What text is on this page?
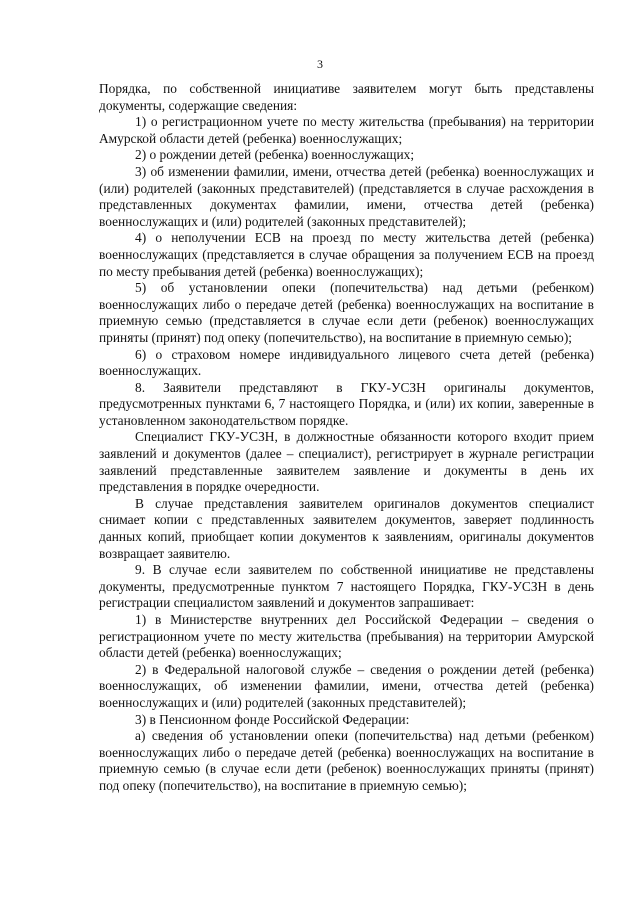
3

Порядка, по собственной инициативе заявителем могут быть представлены документы, содержащие сведения:

1) о регистрационном учете по месту жительства (пребывания) на территории Амурской области детей (ребенка) военнослужащих;

2) о рождении детей (ребенка) военнослужащих;

3) об изменении фамилии, имени, отчества детей (ребенка) военнослужащих и (или) родителей (законных представителей) (представляется в случае расхождения в представленных документах фамилии, имени, отчества детей (ребенка) военнослужащих и (или) родителей (законных представителей);

4) о неполучении ЕСВ на проезд по месту жительства детей (ребенка) военнослужащих (представляется в случае обращения за получением ЕСВ на проезд по месту пребывания детей (ребенка) военнослужащих);

5) об установлении опеки (попечительства) над детьми (ребенком) военнослужащих либо о передаче детей (ребенка) военнослужащих на воспитание в приемную семью (представляется в случае если дети (ребенок) военнослужащих приняты (принят) под опеку (попечительство), на воспитание в приемную семью);

6) о страховом номере индивидуального лицевого счета детей (ребенка) военнослужащих.

8. Заявители представляют в ГКУ-УСЗН оригиналы документов, предусмотренных пунктами 6, 7 настоящего Порядка, и (или) их копии, заверенные в установленном законодательством порядке.

Специалист ГКУ-УСЗН, в должностные обязанности которого входит прием заявлений и документов (далее – специалист), регистрирует в журнале регистрации заявлений представленные заявителем заявление и документы в день их представления в порядке очередности.

В случае представления заявителем оригиналов документов специалист снимает копии с представленных заявителем документов, заверяет подлинность данных копий, приобщает копии документов к заявлениям, оригиналы документов возвращает заявителю.

9. В случае если заявителем по собственной инициативе не представлены документы, предусмотренные пунктом 7 настоящего Порядка, ГКУ-УСЗН в день регистрации специалистом заявлений и документов запрашивает:

1) в Министерстве внутренних дел Российской Федерации – сведения о регистрационном учете по месту жительства (пребывания) на территории Амурской области детей (ребенка) военнослужащих;

2) в Федеральной налоговой службе – сведения о рождении детей (ребенка) военнослужащих, об изменении фамилии, имени, отчества детей (ребенка) военнослужащих и (или) родителей (законных представителей);

3) в Пенсионном фонде Российской Федерации:

а) сведения об установлении опеки (попечительства) над детьми (ребенком) военнослужащих либо о передаче детей (ребенка) военнослужащих на воспитание в приемную семью (в случае если дети (ребенок) военнослужащих приняты (принят) под опеку (попечительство), на воспитание в приемную семью);
